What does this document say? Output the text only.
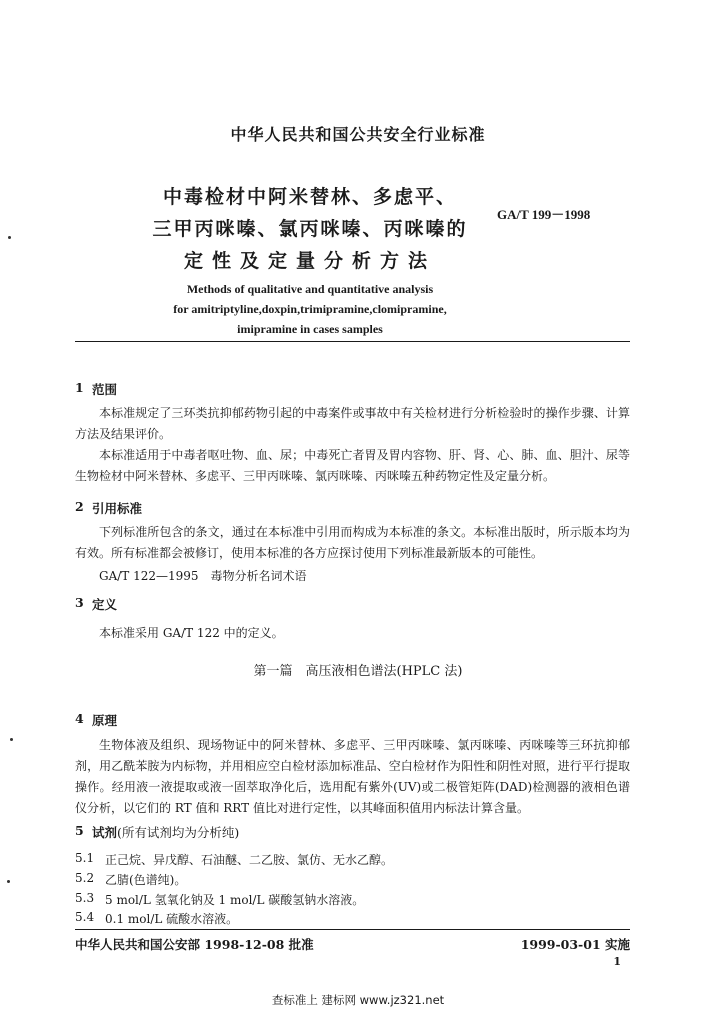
中华人民共和国公共安全行业标准
中毒检材中阿米替林、多虑平、
三甲丙咪嗪、氯丙咪嗪、丙咪嗪的
定性及定量分析方法
GA/T 199－1998
Methods of qualitative and quantitative analysis
for amitriptyline,doxpin,trimipramine,clomipramine,
imipramine in cases samples
1 范围
本标准规定了三环类抗抑郁药物引起的中毒案件或事故中有关检材进行分析检验时的操作步骤、计算方法及结果评价。
本标准适用于中毒者呕吐物、血、尿；中毒死亡者胃及胃内容物、肝、肾、心、肺、血、胆汁、尿等生物检材中阿米替林、多虑平、三甲丙咪嗪、氯丙咪嗪、丙咪嗪五种药物定性及定量分析。
2 引用标准
下列标准所包含的条文，通过在本标准中引用而构成为本标准的条文。本标准出版时，所示版本均为有效。所有标准都会被修订，使用本标准的各方应探讨使用下列标准最新版本的可能性。
GA/T 122—1995　毒物分析名词术语
3 定义
本标准采用 GA/T 122 中的定义。
第一篇　高压液相色谱法(HPLC 法)
4 原理
生物体液及组织、现场物证中的阿米替林、多虑平、三甲丙咪嗪、氯丙咪嗪、丙咪嗪等三环抗抑郁剂，用乙酰苯胺为内标物，并用相应空白检材添加标准品、空白检材作为阳性和阴性对照，进行平行提取操作。经用液一液提取或液一固萃取净化后，选用配有紫外(UV)或二极管矩阵(DAD)检测器的液相色谱仪分析，以它们的 RT 值和 RRT 值比对进行定性，以其峰面积值用内标法计算含量。
5 试剂(所有试剂均为分析纯)
5.1 正己烷、异戊醇、石油醚、二乙胺、氯仿、无水乙醇。
5.2 乙腈(色谱纯)。
5.3 5 mol/L 氢氧化钠及 1 mol/L 碳酸氢钠水溶液。
5.4 0.1 mol/L 硫酸水溶液。
中华人民共和国公安部 1998-12-08 批准	1999-03-01 实施
1
查标准上 建标网 www.jz321.net
